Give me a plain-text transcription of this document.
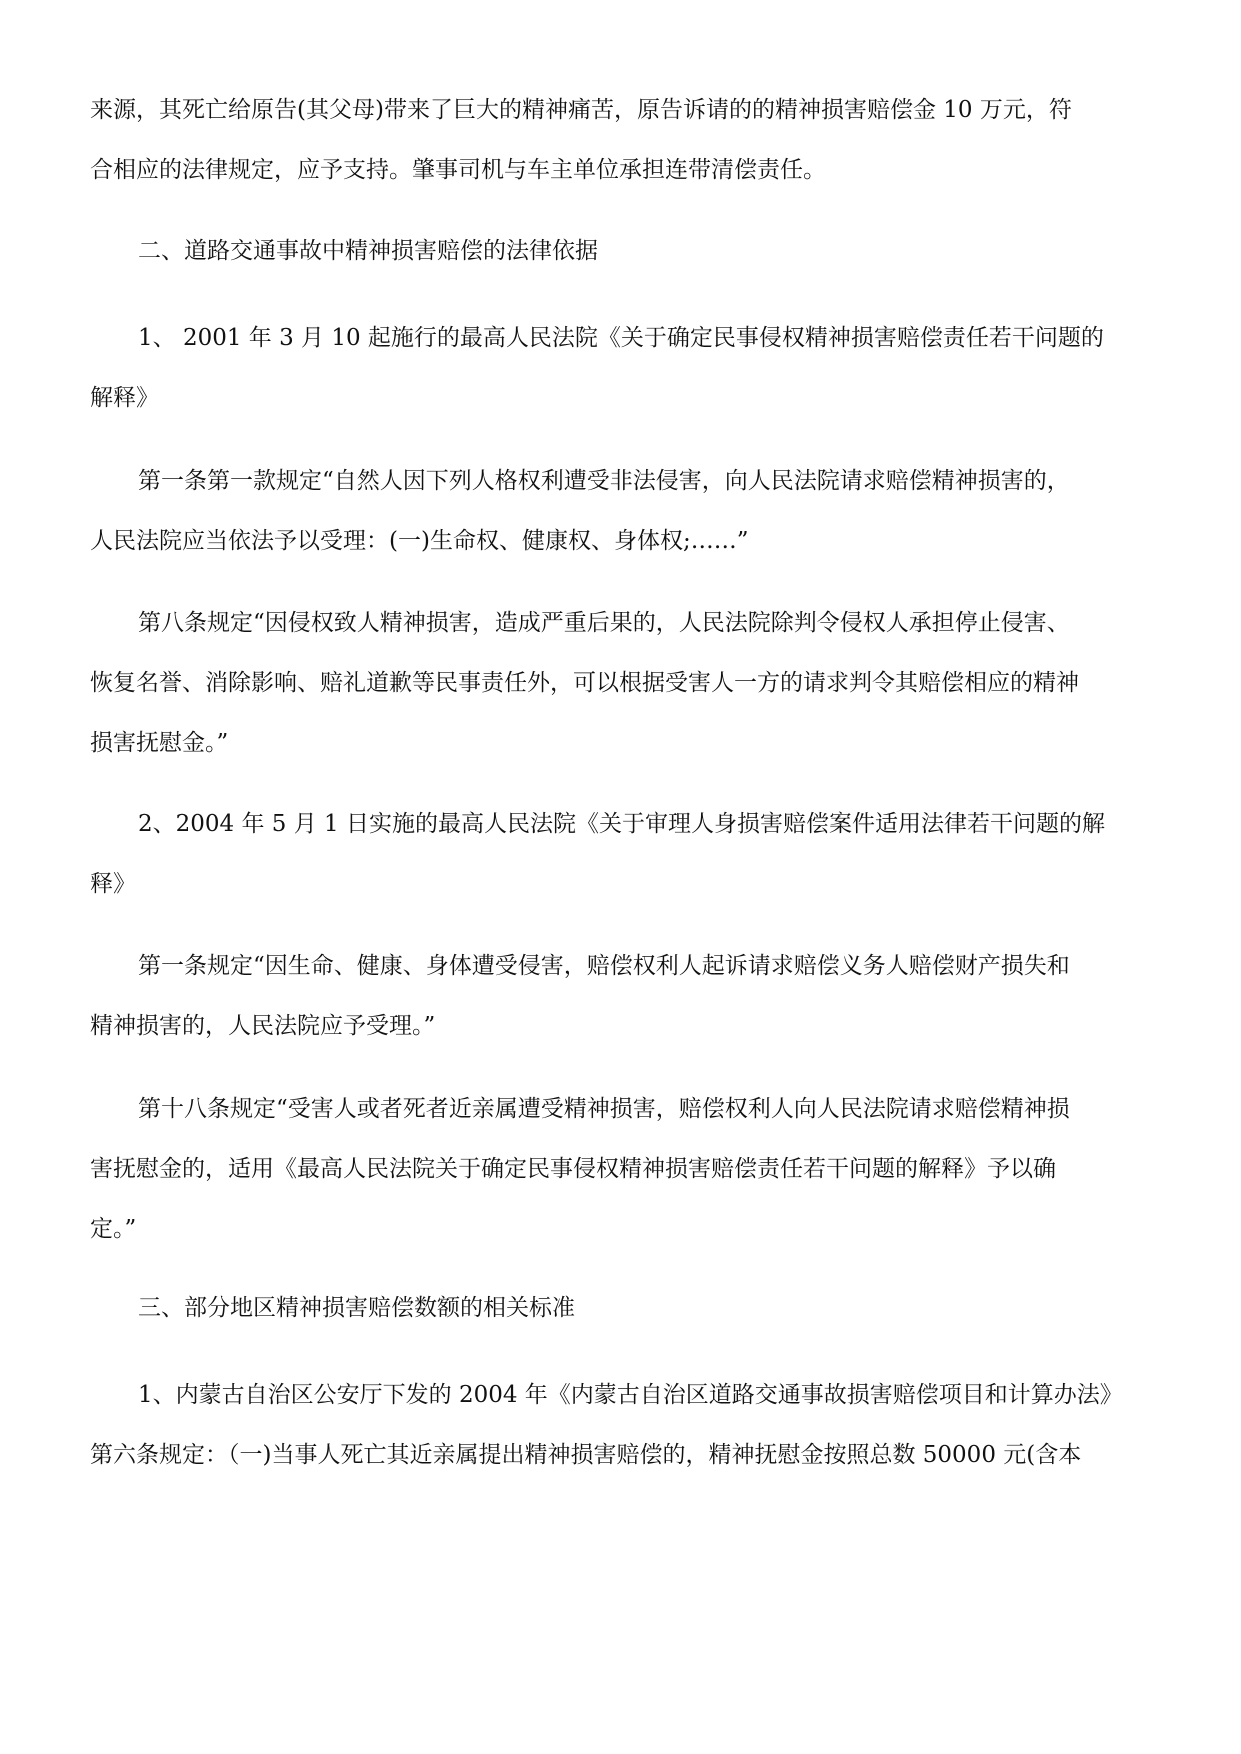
来源，其死亡给原告(其父母)带来了巨大的精神痛苦，原告诉请的的精神损害赔偿金 10 万元，符
合相应的法律规定，应予支持。肇事司机与车主单位承担连带清偿责任。
二、道路交通事故中精神损害赔偿的法律依据
1、 2001 年 3 月 10 起施行的最高人民法院《关于确定民事侵权精神损害赔偿责任若干问题的
解释》
第一条第一款规定“自然人因下列人格权利遭受非法侵害，向人民法院请求赔偿精神损害的，
人民法院应当依法予以受理：(一)生命权、健康权、身体权;……”
第八条规定“因侵权致人精神损害，造成严重后果的，人民法院除判令侵权人承担停止侵害、
恢复名誉、消除影响、赔礼道歉等民事责任外，可以根据受害人一方的请求判令其赔偿相应的精神
损害抚慰金。”
2、2004 年 5 月 1 日实施的最高人民法院《关于审理人身损害赔偿案件适用法律若干问题的解
释》
第一条规定“因生命、健康、身体遭受侵害，赔偿权利人起诉请求赔偿义务人赔偿财产损失和
精神损害的，人民法院应予受理。”
第十八条规定“受害人或者死者近亲属遭受精神损害，赔偿权利人向人民法院请求赔偿精神损
害抚慰金的，适用《最高人民法院关于确定民事侵权精神损害赔偿责任若干问题的解释》予以确
定。”
三、部分地区精神损害赔偿数额的相关标准
1、内蒙古自治区公安厅下发的 2004 年《内蒙古自治区道路交通事故损害赔偿项目和计算办法》
第六条规定：（一)当事人死亡其近亲属提出精神损害赔偿的，精神抚慰金按照总数 50000 元(含本
